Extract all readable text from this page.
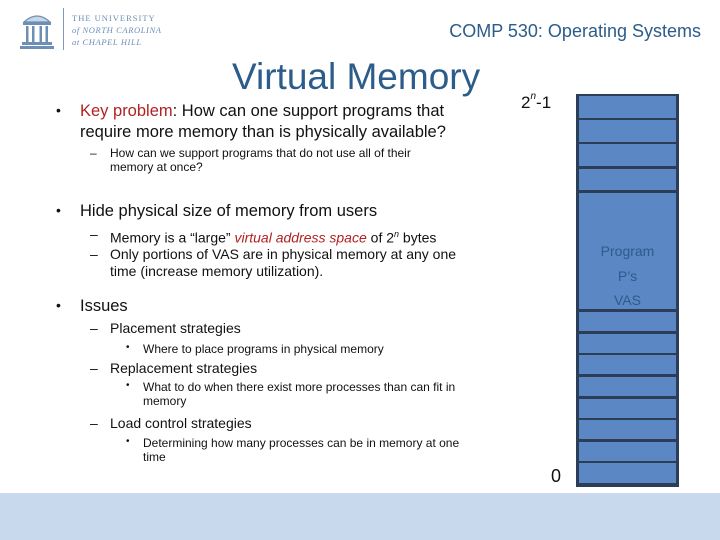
THE UNIVERSITY
of NORTH CAROLINA
at CHAPEL HILL
COMP 530: Operating Systems
Virtual Memory
• Key problem: How can one support programs that
require more memory than is physically available?
– How can we support programs that do not use all of their
memory at once?
• Hide physical size of memory from users
– Memory is a “large” virtual address space of 2$^n$ bytes
– Only portions of VAS are in physical memory at any one
time (increase memory utilization).
• Issues
– Placement strategies
• Where to place programs in physical memory
– Replacement strategies
• What to do when there exist more processes than can fit in
memory
– Load control strategies
• Determining how many processes can be in memory at one
time
2$^n$-1
0
Program
P’s
VAS
